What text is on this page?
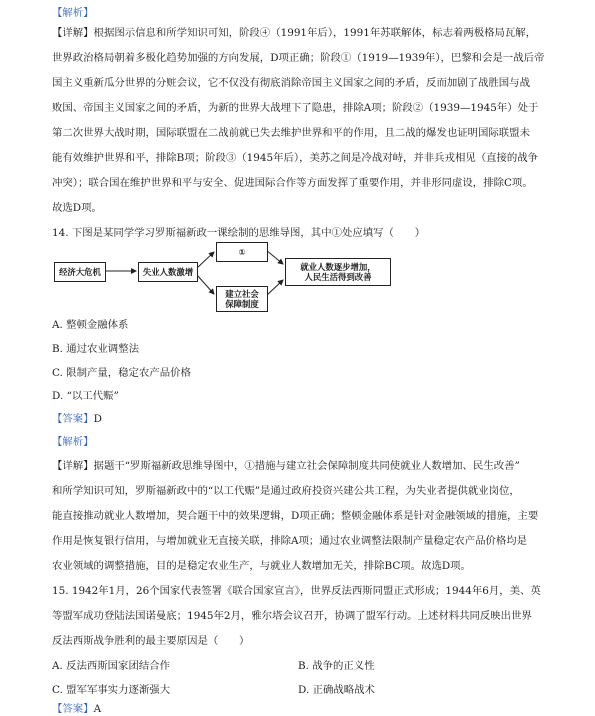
【解析】
【详解】根据图示信息和所学知识可知，阶段④（1991年后），1991年苏联解体，标志着两极格局瓦解，
世界政治格局朝着多极化趋势加强的方向发展，D项正确；阶段①（1919—1939年），巴黎和会是一战后帝
国主义重新瓜分世界的分赃会议，它不仅没有彻底消除帝国主义国家之间的矛盾，反而加剧了战胜国与战
败国、帝国主义国家之间的矛盾，为新的世界大战埋下了隐患，排除A项；阶段②（1939—1945年）处于
第二次世界大战时期，国际联盟在二战前就已失去维护世界和平的作用，且二战的爆发也证明国际联盟未
能有效维护世界和平，排除B项；阶段③（1945年后），美苏之间是冷战对峙，并非兵戎相见（直接的战争
冲突）；联合国在维护世界和平与安全、促进国际合作等方面发挥了重要作用，并非形同虚设，排除C项。
故选D项。
14. 下图是某同学学习罗斯福新政一课绘制的思维导图，其中①处应填写（　　）
经济大危机	失业人数激增
①
建立社会
保障制度
就业人数逐步增加，
人民生活得到改善
A. 整顿金融体系
B. 通过农业调整法
C. 限制产量，稳定农产品价格
D. “以工代赈”
【答案】D
【解析】
【详解】据题干“罗斯福新政思维导图中，①措施与建立社会保障制度共同使就业人数增加、民生改善”
和所学知识可知，罗斯福新政中的“以工代赈”是通过政府投资兴建公共工程，为失业者提供就业岗位，
能直接推动就业人数增加，契合题干中的效果逻辑，D项正确；整顿金融体系是针对金融领域的措施，主要
作用是恢复银行信用，与增加就业无直接关联，排除A项；通过农业调整法限制产量稳定农产品价格均是
农业领域的调整措施，目的是稳定农业生产，与就业人数增加无关，排除BC项。故选D项。
15. 1942年1月，26个国家代表签署《联合国家宣言》，世界反法西斯同盟正式形成；1944年6月，美、英
等盟军成功登陆法国诺曼底；1945年2月，雅尔塔会议召开，协调了盟军行动。上述材料共同反映出世界
反法西斯战争胜利的最主要原因是（　　）
A. 反法西斯国家团结合作	B. 战争的正义性
C. 盟军军事实力逐渐强大	D. 正确战略战术
【答案】A
